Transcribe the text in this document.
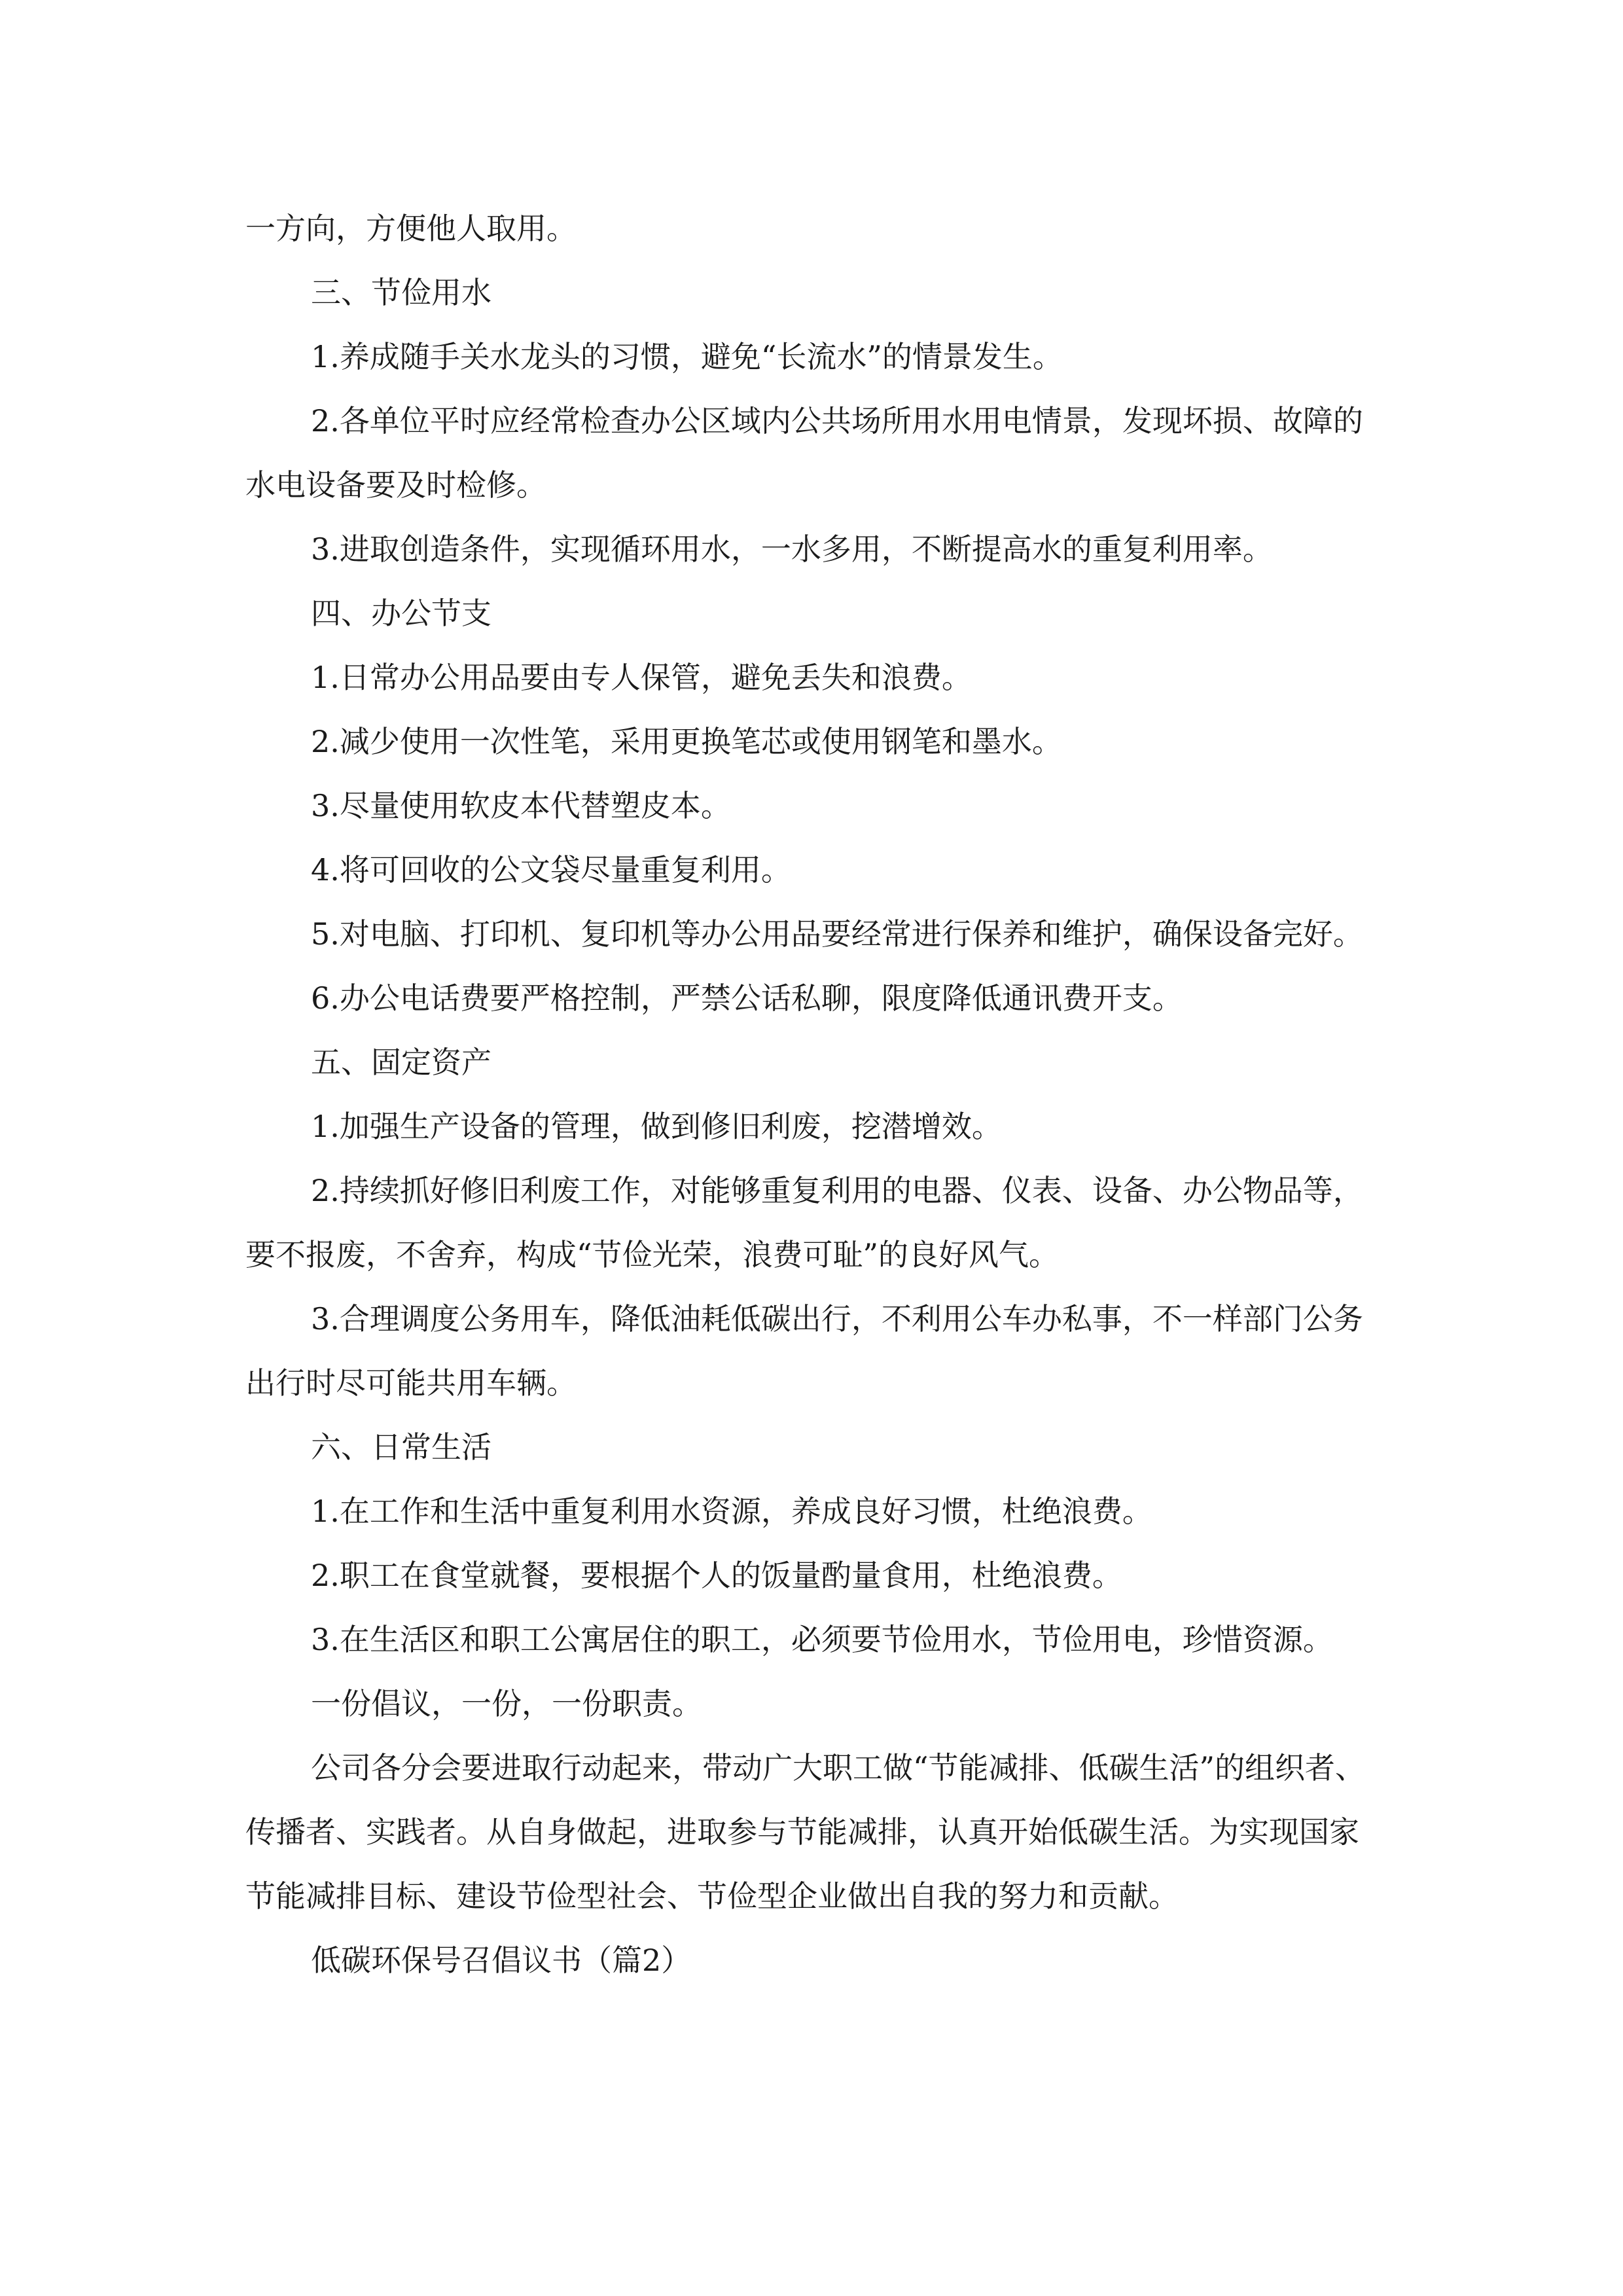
一方向，方便他人取用。

三、节俭用水

1.养成随手关水龙头的习惯，避免“长流水”的情景发生。

2.各单位平时应经常检查办公区域内公共场所用水用电情景，发现坏损、故障的水电设备要及时检修。

3.进取创造条件，实现循环用水，一水多用，不断提高水的重复利用率。

四、办公节支

1.日常办公用品要由专人保管，避免丢失和浪费。

2.减少使用一次性笔，采用更换笔芯或使用钢笔和墨水。

3.尽量使用软皮本代替塑皮本。

4.将可回收的公文袋尽量重复利用。

5.对电脑、打印机、复印机等办公用品要经常进行保养和维护，确保设备完好。

6.办公电话费要严格控制，严禁公话私聊，限度降低通讯费开支。

五、固定资产

1.加强生产设备的管理，做到修旧利废，挖潜增效。

2.持续抓好修旧利废工作，对能够重复利用的电器、仪表、设备、办公物品等，要不报废，不舍弃，构成“节俭光荣，浪费可耻”的良好风气。

3.合理调度公务用车，降低油耗低碳出行，不利用公车办私事，不一样部门公务出行时尽可能共用车辆。

六、日常生活

1.在工作和生活中重复利用水资源，养成良好习惯，杜绝浪费。

2.职工在食堂就餐，要根据个人的饭量酌量食用，杜绝浪费。

3.在生活区和职工公寓居住的职工，必须要节俭用水，节俭用电，珍惜资源。

一份倡议，一份，一份职责。

公司各分会要进取行动起来，带动广大职工做“节能减排、低碳生活”的组织者、传播者、实践者。从自身做起，进取参与节能减排，认真开始低碳生活。为实现国家节能减排目标、建设节俭型社会、节俭型企业做出自我的努力和贡献。

低碳环保号召倡议书（篇2）
